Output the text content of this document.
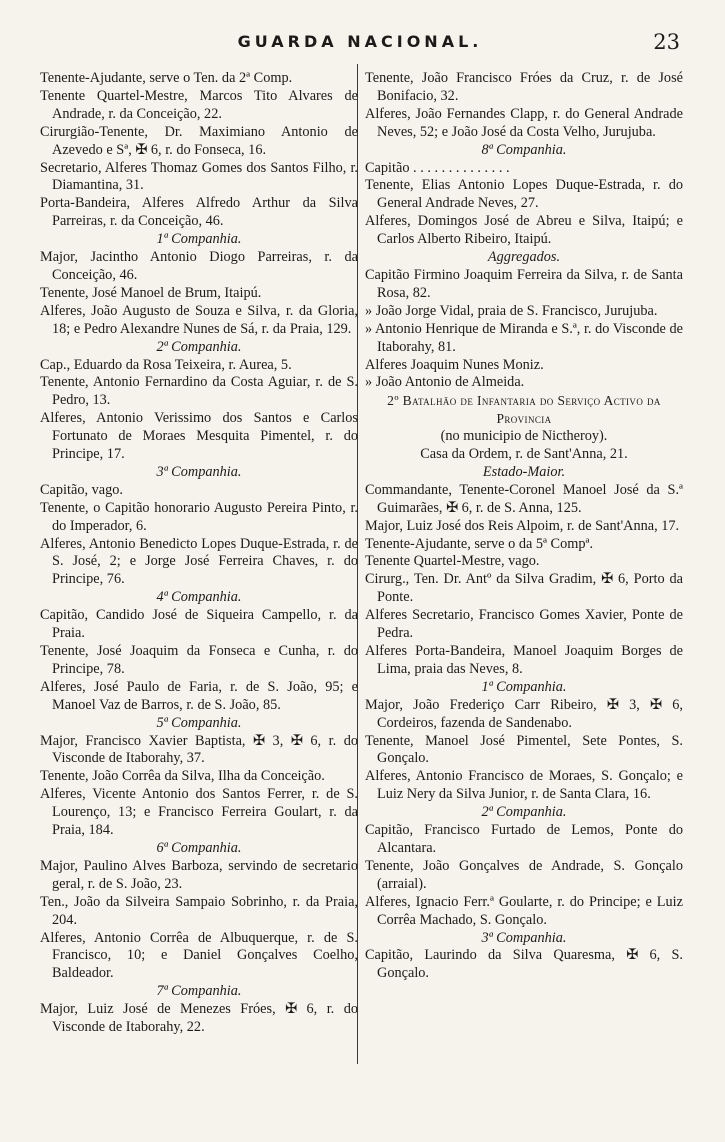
GUARDA NACIONAL.	23
Tenente-Ajudante, serve o Ten. da 2ª Comp.
Tenente Quartel-Mestre, Marcos Tito Alvares de Andrade, r. da Conceição, 22.
Cirurgião-Tenente, Dr. Maximiano Antonio de Azevedo e Sª, ✠ 6, r. do Fonseca, 16.
Secretario, Alferes Thomaz Gomes dos Santos Filho, r. Diamantina, 31.
Porta-Bandeira, Alferes Alfredo Arthur da Silva Parreiras, r. da Conceição, 46.
1ª Companhia.
Major, Jacintho Antonio Diogo Parreiras, r. da Conceição, 46.
Tenente, José Manoel de Brum, Itaipú.
Alferes, João Augusto de Souza e Silva, r. da Gloria, 18; e Pedro Alexandre Nunes de Sá, r. da Praia, 129.
2ª Companhia.
Cap., Eduardo da Rosa Teixeira, r. Aurea, 5.
Tenente, Antonio Fernardino da Costa Aguiar, r. de S. Pedro, 13.
Alferes, Antonio Verissimo dos Santos e Carlos Fortunato de Moraes Mesquita Pimentel, r. do Principe, 17.
3ª Companhia.
Capitão, vago.
Tenente, o Capitão honorario Augusto Pereira Pinto, r. do Imperador, 6.
Alferes, Antonio Benedicto Lopes Duque-Estrada, r. de S. José, 2; e Jorge José Ferreira Chaves, r. do Principe, 76.
4ª Companhia.
Capitão, Candido José de Siqueira Campello, r. da Praia.
Tenente, José Joaquim da Fonseca e Cunha, r. do Principe, 78.
Alferes, José Paulo de Faria, r. de S. João, 95; e Manoel Vaz de Barros, r. de S. João, 85.
5ª Companhia.
Major, Francisco Xavier Baptista, ✠ 3, ✠ 6, r. do Visconde de Itaborahy, 37.
Tenente, João Corrêa da Silva, Ilha da Conceição.
Alferes, Vicente Antonio dos Santos Ferrer, r. de S. Lourenço, 13; e Francisco Ferreira Goulart, r. da Praia, 184.
6ª Companhia.
Major, Paulino Alves Barboza, servindo de secretario geral, r. de S. João, 23.
Ten., João da Silveira Sampaio Sobrinho, r. da Praia, 204.
Alferes, Antonio Corrêa de Albuquerque, r. de S. Francisco, 10; e Daniel Gonçalves Coelho, Baldeador.
7ª Companhia.
Major, Luiz José de Menezes Fróes, ✠ 6, r. do Visconde de Itaborahy, 22.
Tenente, João Francisco Fróes da Cruz, r. de José Bonifacio, 32.
Alferes, João Fernandes Clapp, r. do General Andrade Neves, 52; e João José da Costa Velho, Jurujuba.
8ª Companhia.
Capitão . . . . . . . . . . . . . .
Tenente, Elias Antonio Lopes Duque-Estrada, r. do General Andrade Neves, 27.
Alferes, Domingos José de Abreu e Silva, Itaipú; e Carlos Alberto Ribeiro, Itaipú.
Aggregados.
Capitão Firmino Joaquim Ferreira da Silva, r. de Santa Rosa, 82.
» João Jorge Vidal, praia de S. Francisco, Jurujuba.
» Antonio Henrique de Miranda e S.ª, r. do Visconde de Itaborahy, 81.
Alferes Joaquim Nunes Moniz.
» João Antonio de Almeida.
2º Batalhão de Infantaria do Serviço Activo da Provincia
(no municipio de Nictheroy).
Casa da Ordem, r. de Sant'Anna, 21.
Estado-Maior.
Commandante, Tenente-Coronel Manoel José da S.ª Guimarães, ✠ 6, r. de S. Anna, 125.
Major, Luiz José dos Reis Alpoim, r. de Sant'Anna, 17.
Tenente-Ajudante, serve o da 5ª Compª.
Tenente Quartel-Mestre, vago.
Cirurg., Ten. Dr. Antº da Silva Gradim, ✠ 6, Porto da Ponte.
Alferes Secretario, Francisco Gomes Xavier, Ponte de Pedra.
Alferes Porta-Bandeira, Manoel Joaquim Borges de Lima, praia das Neves, 8.
1ª Companhia.
Major, João Frederiço Carr Ribeiro, ✠ 3, ✠ 6, Cordeiros, fazenda de Sandenabo.
Tenente, Manoel José Pimentel, Sete Pontes, S. Gonçalo.
Alferes, Antonio Francisco de Moraes, S. Gonçalo; e Luiz Nery da Silva Junior, r. de Santa Clara, 16.
2ª Companhia.
Capitão, Francisco Furtado de Lemos, Ponte do Alcantara.
Tenente, João Gonçalves de Andrade, S. Gonçalo (arraial).
Alferes, Ignacio Ferr.ª Goularte, r. do Principe; e Luiz Corrêa Machado, S. Gonçalo.
3ª Companhia.
Capitão, Laurindo da Silva Quaresma, ✠ 6, S. Gonçalo.
